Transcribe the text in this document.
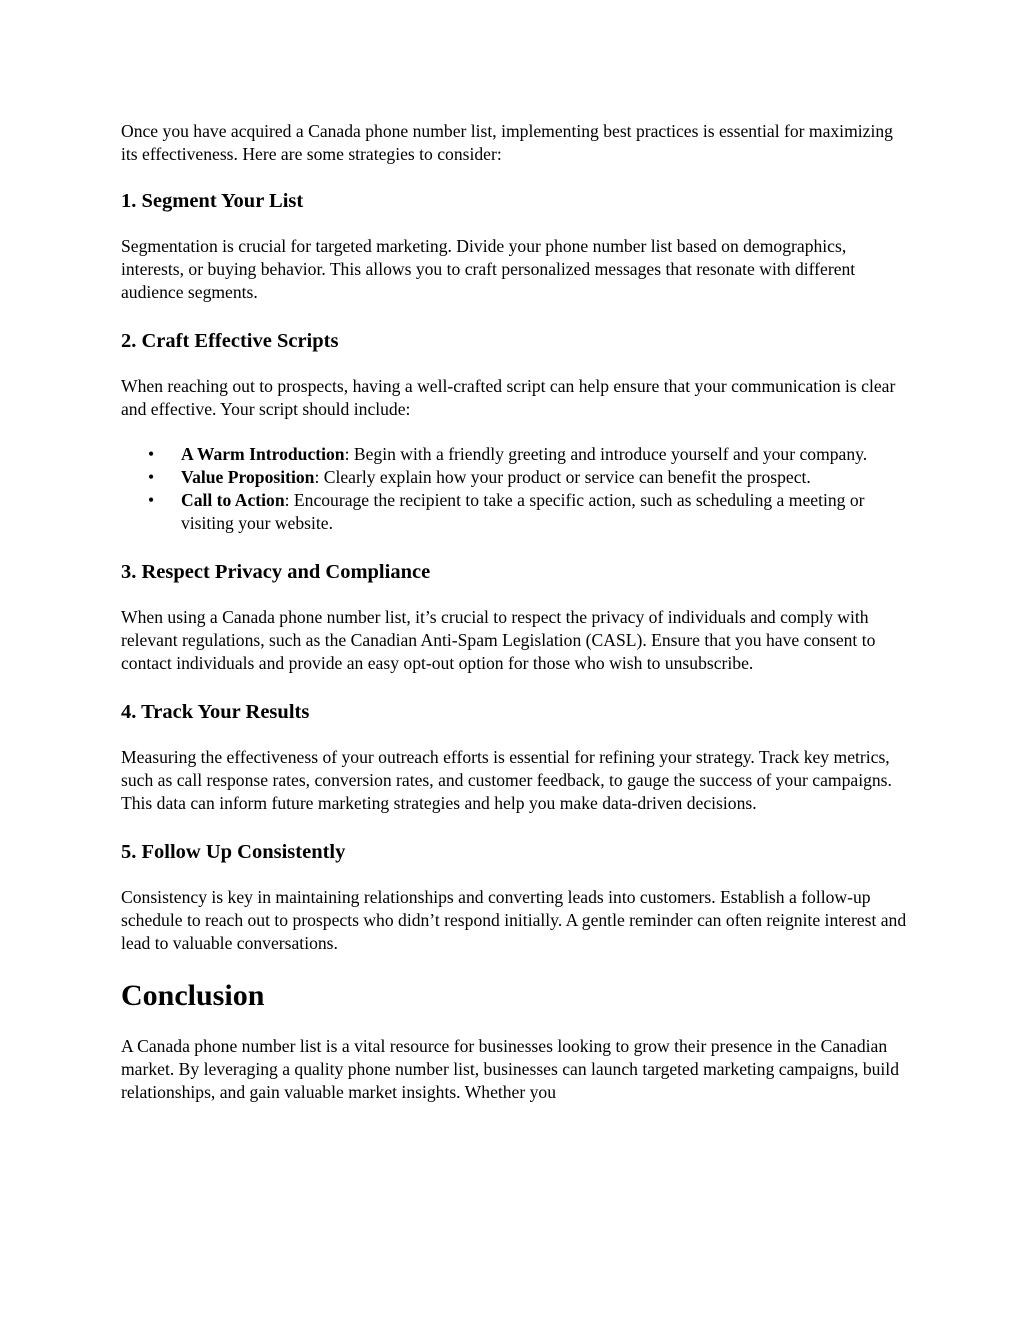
Once you have acquired a Canada phone number list, implementing best practices is essential for maximizing its effectiveness. Here are some strategies to consider:

1. Segment Your List

Segmentation is crucial for targeted marketing. Divide your phone number list based on demographics, interests, or buying behavior. This allows you to craft personalized messages that resonate with different audience segments.

2. Craft Effective Scripts

When reaching out to prospects, having a well-crafted script can help ensure that your communication is clear and effective. Your script should include:

• A Warm Introduction: Begin with a friendly greeting and introduce yourself and your company.
• Value Proposition: Clearly explain how your product or service can benefit the prospect.
• Call to Action: Encourage the recipient to take a specific action, such as scheduling a meeting or visiting your website.
3. Respect Privacy and Compliance

When using a Canada phone number list, it’s crucial to respect the privacy of individuals and comply with relevant regulations, such as the Canadian Anti-Spam Legislation (CASL). Ensure that you have consent to contact individuals and provide an easy opt-out option for those who wish to unsubscribe.

4. Track Your Results

Measuring the effectiveness of your outreach efforts is essential for refining your strategy. Track key metrics, such as call response rates, conversion rates, and customer feedback, to gauge the success of your campaigns. This data can inform future marketing strategies and help you make data-driven decisions.

5. Follow Up Consistently

Consistency is key in maintaining relationships and converting leads into customers. Establish a follow-up schedule to reach out to prospects who didn’t respond initially. A gentle reminder can often reignite interest and lead to valuable conversations.

Conclusion

A Canada phone number list is a vital resource for businesses looking to grow their presence in the Canadian market. By leveraging a quality phone number list, businesses can launch targeted marketing campaigns, build relationships, and gain valuable market insights. Whether you
